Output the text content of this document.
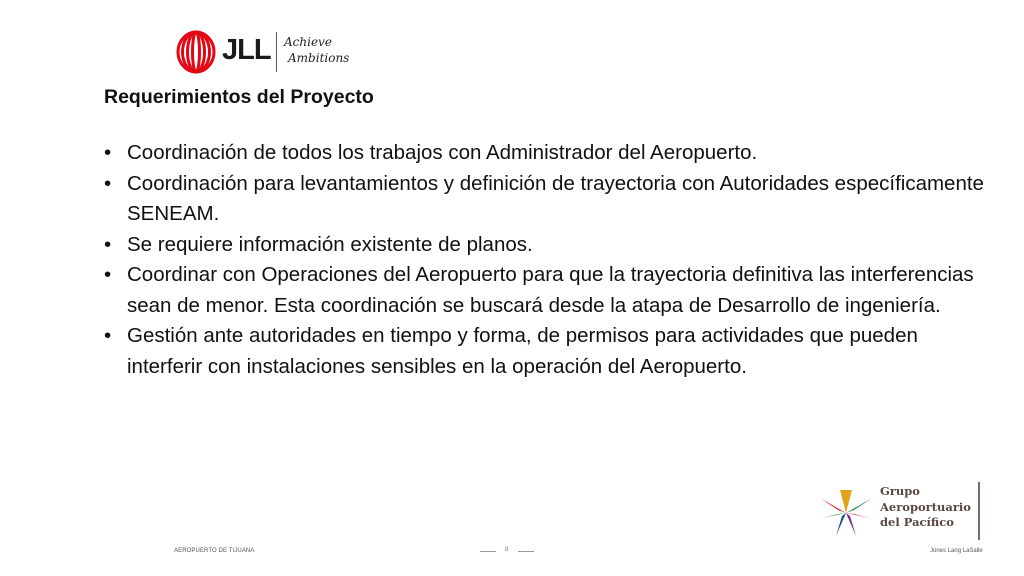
JLL Achieve
Ambitions
Requerimientos del Proyecto
• Coordinación de todos los trabajos con Administrador del Aeropuerto.
• Coordinación para levantamientos y definición de trayectoria con Autoridades específicamente SENEAM.
• Se requiere información existente de planos.
• Coordinar con Operaciones del Aeropuerto para que la trayectoria definitiva las interferencias sean de menor. Esta coordinación se buscará desde la atapa de Desarrollo de ingeniería.
• Gestión ante autoridades en tiempo y forma, de permisos para actividades que pueden interferir con instalaciones sensibles en la operación del Aeropuerto.
Grupo
Aeroportuario
del Pacífico
AEROPUERTO DE TIJUANA	8	Jones Lang LaSalle
